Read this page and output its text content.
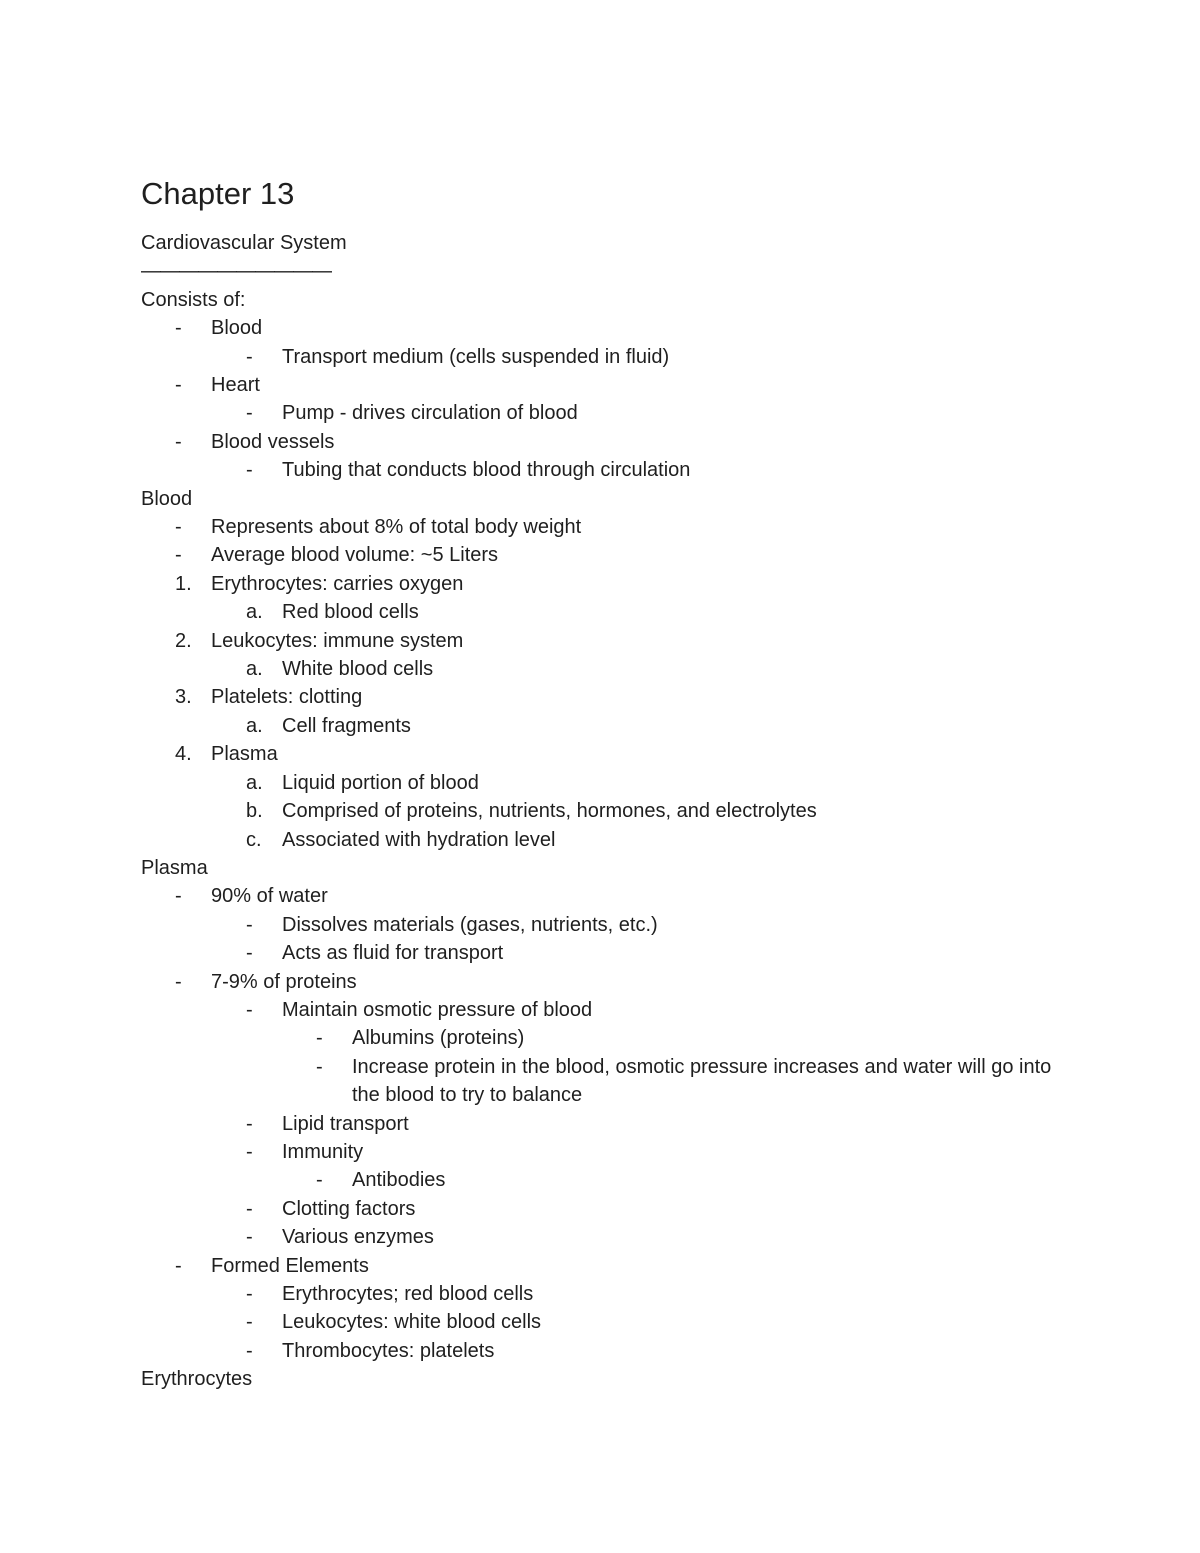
Chapter 13
Cardiovascular System
——————————
Consists of:
-	Blood
-	Transport medium (cells suspended in fluid)
-	Heart
-	Pump - drives circulation of blood
-	Blood vessels
-	Tubing that conducts blood through circulation
Blood
-	Represents about 8% of total body weight
-	Average blood volume: ~5 Liters
1. Erythrocytes: carries oxygen
a. Red blood cells
2. Leukocytes: immune system
a. White blood cells
3. Platelets: clotting
a. Cell fragments
4. Plasma
a. Liquid portion of blood
b. Comprised of proteins, nutrients, hormones, and electrolytes
c.	Associated with hydration level
Plasma
-	90% of water
-	Dissolves materials (gases, nutrients, etc.)
-	Acts as fluid for transport
-	7-9% of proteins
-	Maintain osmotic pressure of blood
-	Albumins (proteins)
-	Increase protein in the blood, osmotic pressure increases and water will go into the blood to try to balance
-	Lipid transport
-	Immunity
-	Antibodies
-	Clotting factors
-	Various enzymes
-	Formed Elements
-	Erythrocytes; red blood cells
-	Leukocytes: white blood cells
-	Thrombocytes: platelets
Erythrocytes
